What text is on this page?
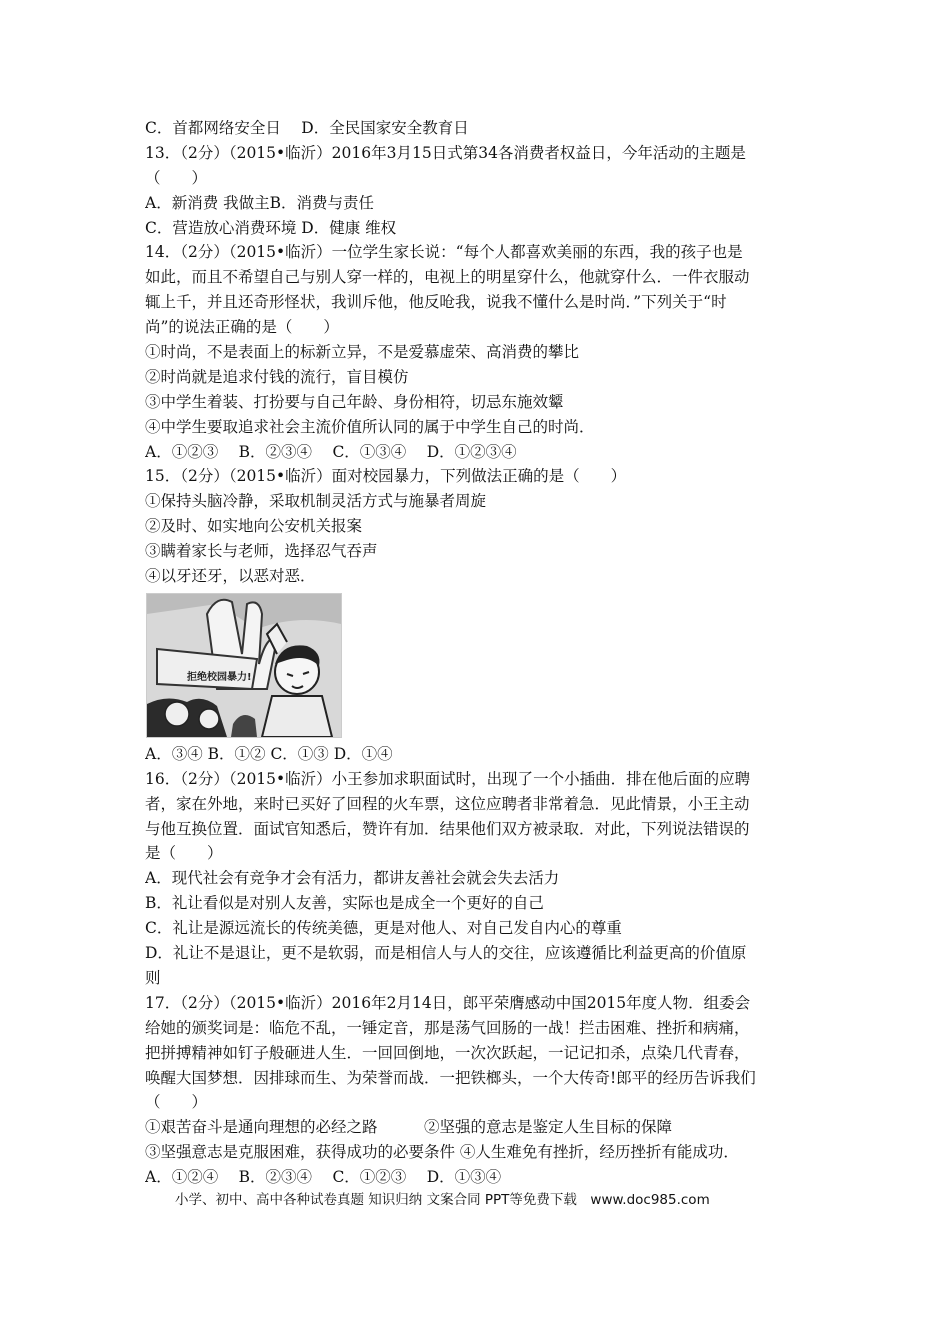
C．首都网络安全日　 D．全民国家安全教育日
13．（2分）（2015•临沂）2016年3月15日式第34各消费者权益日，今年活动的主题是
（　　）
A．新消费 我做主B．消费与责任
C．营造放心消费环境 D．健康 维权
14．（2分）（2015•临沂）一位学生家长说：“每个人都喜欢美丽的东西，我的孩子也是
如此，而且不希望自己与别人穿一样的，电视上的明星穿什么，他就穿什么．一件衣服动
辄上千，并且还奇形怪状，我训斥他，他反呛我，说我不懂什么是时尚．”下列关于“时
尚”的说法正确的是（　　）
①时尚，不是表面上的标新立异，不是爱慕虚荣、高消费的攀比
②时尚就是追求付钱的流行，盲目模仿
③中学生着装、打扮要与自己年龄、身份相符，切忌东施效颦
④中学生要取追求社会主流价值所认同的属于中学生自己的时尚．
A．①②③　 B．②③④　 C．①③④　 D．①②③④
15．（2分）（2015•临沂）面对校园暴力，下列做法正确的是（　　）
①保持头脑冷静，采取机制灵活方式与施暴者周旋
②及时、如实地向公安机关报案
③瞒着家长与老师，选择忍气吞声
④以牙还牙，以恶对恶．
拒绝校园暴力!
A．③④ B．①② C．①③ D．①④
16．（2分）（2015•临沂）小王参加求职面试时，出现了一个小插曲．排在他后面的应聘
者，家在外地，来时已买好了回程的火车票，这位应聘者非常着急．见此情景，小王主动
与他互换位置．面试官知悉后，赞许有加．结果他们双方被录取．对此，下列说法错误的
是（　　）
A．现代社会有竞争才会有活力，都讲友善社会就会失去活力
B．礼让看似是对别人友善，实际也是成全一个更好的自己
C．礼让是源远流长的传统美德，更是对他人、对自己发自内心的尊重
D．礼让不是退让，更不是软弱，而是相信人与人的交往，应该遵循比利益更高的价值原
则
17．（2分）（2015•临沂）2016年2月14日，郎平荣膺感动中国2015年度人物．组委会
给她的颁奖词是：临危不乱，一锤定音，那是荡气回肠的一战！拦击困难、挫折和病痛，
把拼搏精神如钉子般砸进人生．一回回倒地，一次次跃起，一记记扣杀，点染几代青春，
唤醒大国梦想．因排球而生、为荣誉而战．一把铁榔头，一个大传奇!郎平的经历告诉我们
（　　）
①艰苦奋斗是通向理想的必经之路　　　②坚强的意志是鉴定人生目标的保障
③坚强意志是克服困难，获得成功的必要条件 ④人生难免有挫折，经历挫折有能成功．
A．①②④　 B．②③④　 C．①②③　 D．①③④
小学、初中、高中各种试卷真题 知识归纳 文案合同 PPT等免费下载　www.doc985.com
